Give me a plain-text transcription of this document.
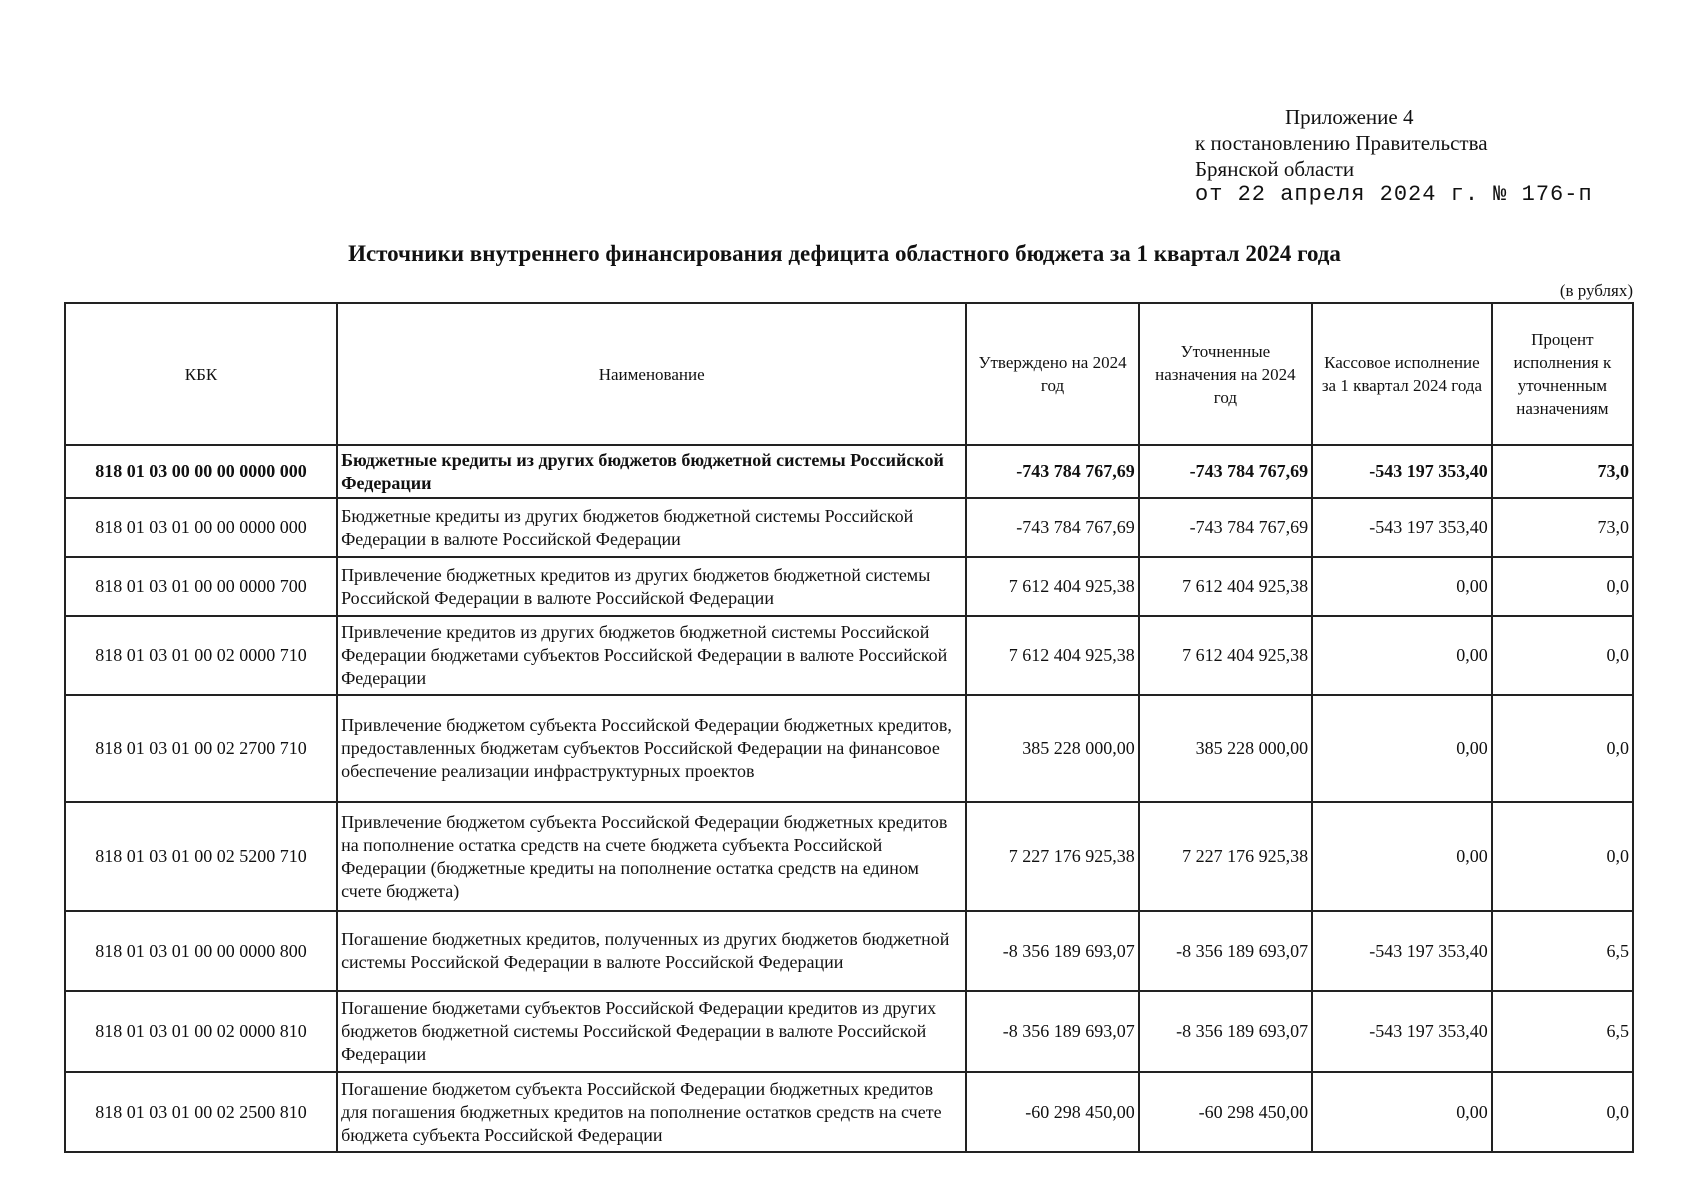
Приложение 4
к постановлению Правительства
Брянской области
от 22 апреля 2024 г. № 176-п
Источники внутреннего финансирования дефицита областного бюджета за 1 квартал 2024 года
(в рублях)
КБК	Наименование	Утверждено на 2024 год	Уточненные назначения на 2024 год	Кассовое исполнение за 1 квартал 2024 года	Процент исполнения к уточненным назначениям
818 01 03 00 00 00 0000 000	Бюджетные кредиты из других бюджетов бюджетной системы Российской Федерации	-743 784 767,69	-743 784 767,69	-543 197 353,40	73,0
818 01 03 01 00 00 0000 000	Бюджетные кредиты из других бюджетов бюджетной системы Российской Федерации в валюте Российской Федерации	-743 784 767,69	-743 784 767,69	-543 197 353,40	73,0
818 01 03 01 00 00 0000 700	Привлечение бюджетных кредитов из других бюджетов бюджетной системы Российской Федерации в валюте Российской Федерации	7 612 404 925,38	7 612 404 925,38	0,00	0,0
818 01 03 01 00 02 0000 710	Привлечение кредитов из других бюджетов бюджетной системы Российской Федерации бюджетами субъектов Российской Федерации в валюте Российской Федерации	7 612 404 925,38	7 612 404 925,38	0,00	0,0
818 01 03 01 00 02 2700 710	Привлечение бюджетом субъекта Российской Федерации бюджетных кредитов, предоставленных бюджетам субъектов Российской Федерации на финансовое обеспечение реализации инфраструктурных проектов	385 228 000,00	385 228 000,00	0,00	0,0
818 01 03 01 00 02 5200 710	Привлечение бюджетом субъекта Российской Федерации бюджетных кредитов на пополнение остатка средств на счете бюджета субъекта Российской Федерации (бюджетные кредиты на пополнение остатка средств на едином счете бюджета)	7 227 176 925,38	7 227 176 925,38	0,00	0,0
818 01 03 01 00 00 0000 800	Погашение бюджетных кредитов, полученных из других бюджетов бюджетной системы Российской Федерации в валюте Российской Федерации	-8 356 189 693,07	-8 356 189 693,07	-543 197 353,40	6,5
818 01 03 01 00 02 0000 810	Погашение бюджетами субъектов Российской Федерации кредитов из других бюджетов бюджетной системы Российской Федерации в валюте Российской Федерации	-8 356 189 693,07	-8 356 189 693,07	-543 197 353,40	6,5
818 01 03 01 00 02 2500 810	Погашение бюджетом субъекта Российской Федерации бюджетных кредитов для погашения бюджетных кредитов на пополнение остатков средств на счете бюджета субъекта Российской Федерации	-60 298 450,00	-60 298 450,00	0,00	0,0
